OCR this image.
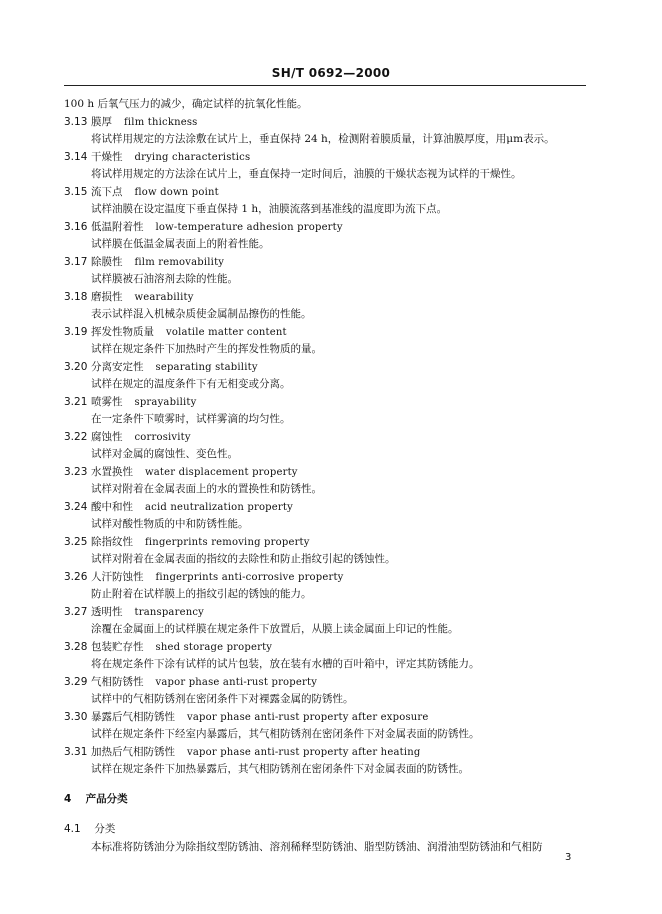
SH/T 0692—2000
100 h 后氧气压力的减少，确定试样的抗氧化性能。
3.13 膜厚 film thickness
将试样用规定的方法涂敷在试片上，垂直保持 24 h，检测附着膜质量，计算油膜厚度，用μm表示。
3.14 干燥性 drying characteristics
将试样用规定的方法涂在试片上，垂直保持一定时间后，油膜的干燥状态视为试样的干燥性。
3.15 流下点 flow down point
试样油膜在设定温度下垂直保持 1 h，油膜流落到基准线的温度即为流下点。
3.16 低温附着性 low-temperature adhesion property
试样膜在低温金属表面上的附着性能。
3.17 除膜性 film removability
试样膜被石油溶剂去除的性能。
3.18 磨损性 wearability
表示试样混入机械杂质使金属制品擦伤的性能。
3.19 挥发性物质量 volatile matter content
试样在规定条件下加热时产生的挥发性物质的量。
3.20 分离安定性 separating stability
试样在规定的温度条件下有无相变或分离。
3.21 喷雾性 sprayability
在一定条件下喷雾时，试样雾滴的均匀性。
3.22 腐蚀性 corrosivity
试样对金属的腐蚀性、变色性。
3.23 水置换性 water displacement property
试样对附着在金属表面上的水的置换性和防锈性。
3.24 酸中和性 acid neutralization property
试样对酸性物质的中和防锈性能。
3.25 除指纹性 fingerprints removing property
试样对附着在金属表面的指纹的去除性和防止指纹引起的锈蚀性。
3.26 人汗防蚀性 fingerprints anti-corrosive property
防止附着在试样膜上的指纹引起的锈蚀的能力。
3.27 透明性 transparency
涂覆在金属面上的试样膜在规定条件下放置后，从膜上读金属面上印记的性能。
3.28 包装贮存性 shed storage property
将在规定条件下涂有试样的试片包装，放在装有水槽的百叶箱中，评定其防锈能力。
3.29 气相防锈性 vapor phase anti-rust property
试样中的气相防锈剂在密闭条件下对裸露金属的防锈性。
3.30 暴露后气相防锈性 vapor phase anti-rust property after exposure
试样在规定条件下经室内暴露后，其气相防锈剂在密闭条件下对金属表面的防锈性。
3.31 加热后气相防锈性 vapor phase anti-rust property after heating
试样在规定条件下加热暴露后，其气相防锈剂在密闭条件下对金属表面的防锈性。
4 产品分类
4.1 分类
本标准将防锈油分为除指纹型防锈油、溶剂稀释型防锈油、脂型防锈油、润滑油型防锈油和气相防
3
